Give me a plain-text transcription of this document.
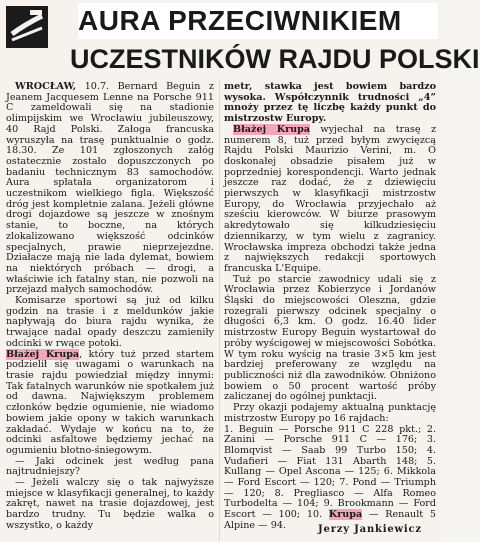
AURA PRZECIWNIKIEM
UCZESTNIKÓW RAJDU POLSKI

WROCŁAW, 10.7. Bernard Beguin z Jeanem Jacquesem Lenne na Porsche 911 C zameldowali się na stadionie olimpijskim we Wrocławiu jubileuszowy, 40 Rajd Polski. Załoga francuska wyruszyła na trasę punktualnie o godz. 18.30. Ze 101 zgłoszonych załóg ostatecznie zostało dopuszczonych po badaniu technicznym 83 samochodów. Aura spłatała organizatorom i uczestnikom wielkiego figla. Większość dróg jest kompletnie zalana. Jeżeli główne drogi dojazdowe są jeszcze w znośnym stanie, to boczne, na których zlokalizowano większość odcinków specjalnych, prawie nieprzejezdne. Działacze mają nie lada dylemat, bowiem na niektórych próbach — drogi, a właściwie ich fatalny stan, nie pozwoli na przejazd małych samochodów.

Komisarze sportowi są już od kilku godzin na trasie i z meldunków jakie napływają do biura rajdu wynika, że trwające nadal opady deszczu zamieniły odcinki w rwące potoki.

Błażej Krupa, który tuż przed startem podzielił się uwagami o warunkach na trasie rajdu powiedział między innymi: Tak fatalnych warunków nie spotkałem już od dawna. Największym problemem członków będzie ogumienie, nie wiadomo bowiem jakie opony w takich warunkach zakładać. Wydaje w końcu na to, że odcinki asfaltowe będziemy jechać na ogumieniu błotno-śniegowym.

— Jaki odcinek jest według pana najtrudniejszy?

— Jeżeli walczy się o tak najwyższe miejsce w klasyfikacji generalnej, to każdy zakręt, nawet na trasie dojazdowej, jest bardzo trudny. Tu będzie walka o wszystko, o każdy

metr, stawka jest bowiem bardzo wysoka. Współczynnik trudności „4” mnoży przez tę liczbę każdy punkt do mistrzostw Europy.

Błażej Krupa wyjechał na trasę z numerem 8, tuż przed byłym zwycięzcą Rajdu Polski Maurizio Verini, m. O doskonałej obsadzie pisałem już w poprzedniej korespondencji. Warto jednak jeszcze raz dodać, że z dziewięciu pierwszych w klasyfikacji mistrzostw Europy, do Wrocławia przyjechało aż sześciu kierowców. W biurze prasowym akredytowało się kilkudziesięciu dziennikarzy, w tym wielu z zagranicy. Wrocławska impreza obchodzi także jedna z największych redakcji sportowych francuska L'Equipe.

Tuż po starcie zawodnicy udali się z Wrocławia przez Kobierzyce i Jordanów Śląski do miejscowości Oleszna, gdzie rozegrali pierwszy odcinek specjalny o długości 6,3 km. O godz. 16.40 lider mistrzostw Europy Beguin wystartował do próby wyścigowej w miejscowości Sobótka. W tym roku wyścig na trasie 3×5 km jest bardziej preferowany ze względu na publiczności niż dla zawodników. Obniżono bowiem o 50 procent wartość próby zaliczanej do ogólnej punktacji.

Przy okazji podajemy aktualną punktację mistrzostw Europy po 16 rajdach:

1. Beguin — Porsche 911 C 228 pkt.; 2. Zanini — Porsche 911 C — 176; 3. Blomqvist — Saab 99 Turbo 150; 4. Vudafieri — Fiat 131 Abarth 148; 5. Kullang — Opel Ascona — 125; 6. Mikkola — Ford Escort — 120; 7. Pond — Triumph — 120; 8. Pregliasco — Alfa Romeo Turbodelta — 104; 9. Brookmann — Ford Escort — 100; 10. Krupa — Renault 5 Alpine — 94.	Jerzy Jankiewicz
